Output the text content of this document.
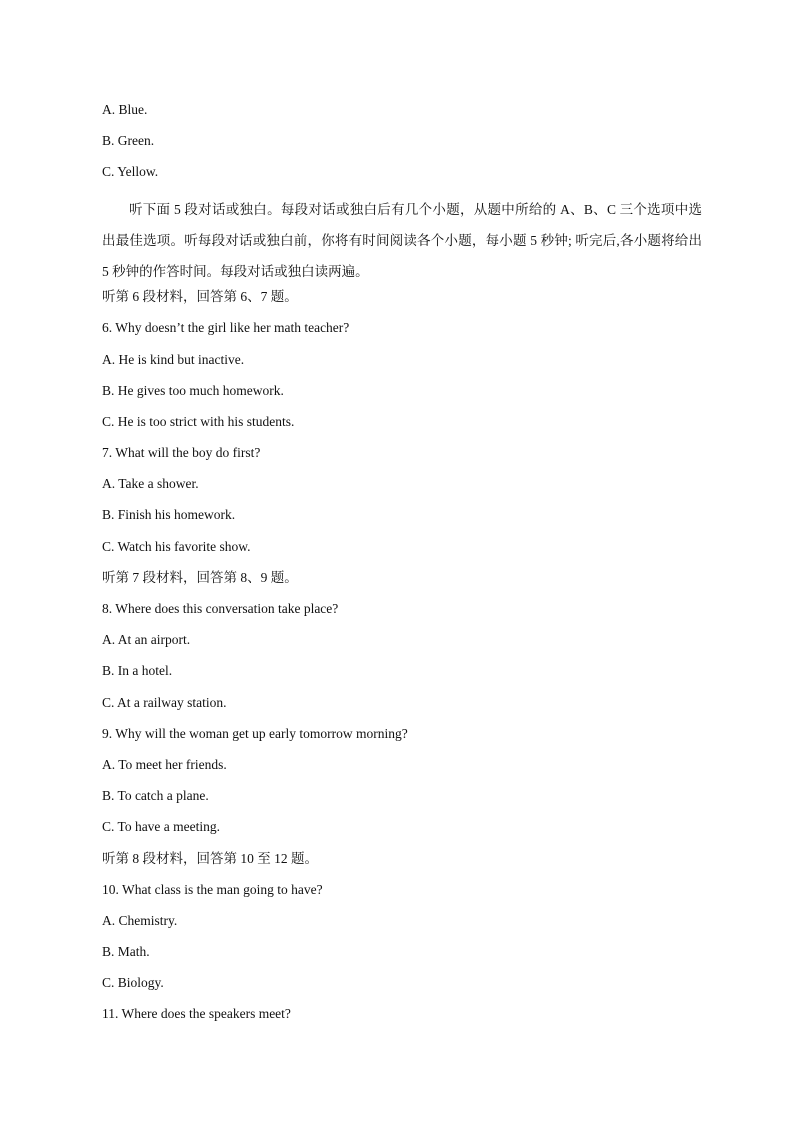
A. Blue.
B. Green.
C. Yellow.

听下面 5 段对话或独白。每段对话或独白后有几个小题，从题中所给的 A、B、C 三个选项中选出最佳选项。听每段对话或独白前，你将有时间阅读各个小题，每小题 5 秒钟; 听完后,各小题将给出 5 秒钟的作答时间。每段对话或独白读两遍。

听第 6 段材料，回答第 6、7 题。
6. Why doesn’t the girl like her math teacher?
A. He is kind but inactive.
B. He gives too much homework.
C. He is too strict with his students.
7. What will the boy do first?
A. Take a shower.
B. Finish his homework.
C. Watch his favorite show.
听第 7 段材料，回答第 8、9 题。
8. Where does this conversation take place?
A. At an airport.
B. In a hotel.
C. At a railway station.
9. Why will the woman get up early tomorrow morning?
A. To meet her friends.
B. To catch a plane.
C. To have a meeting.
听第 8 段材料，回答第 10 至 12 题。
10. What class is the man going to have?
A. Chemistry.
B. Math.
C. Biology.
11. Where does the speakers meet?
